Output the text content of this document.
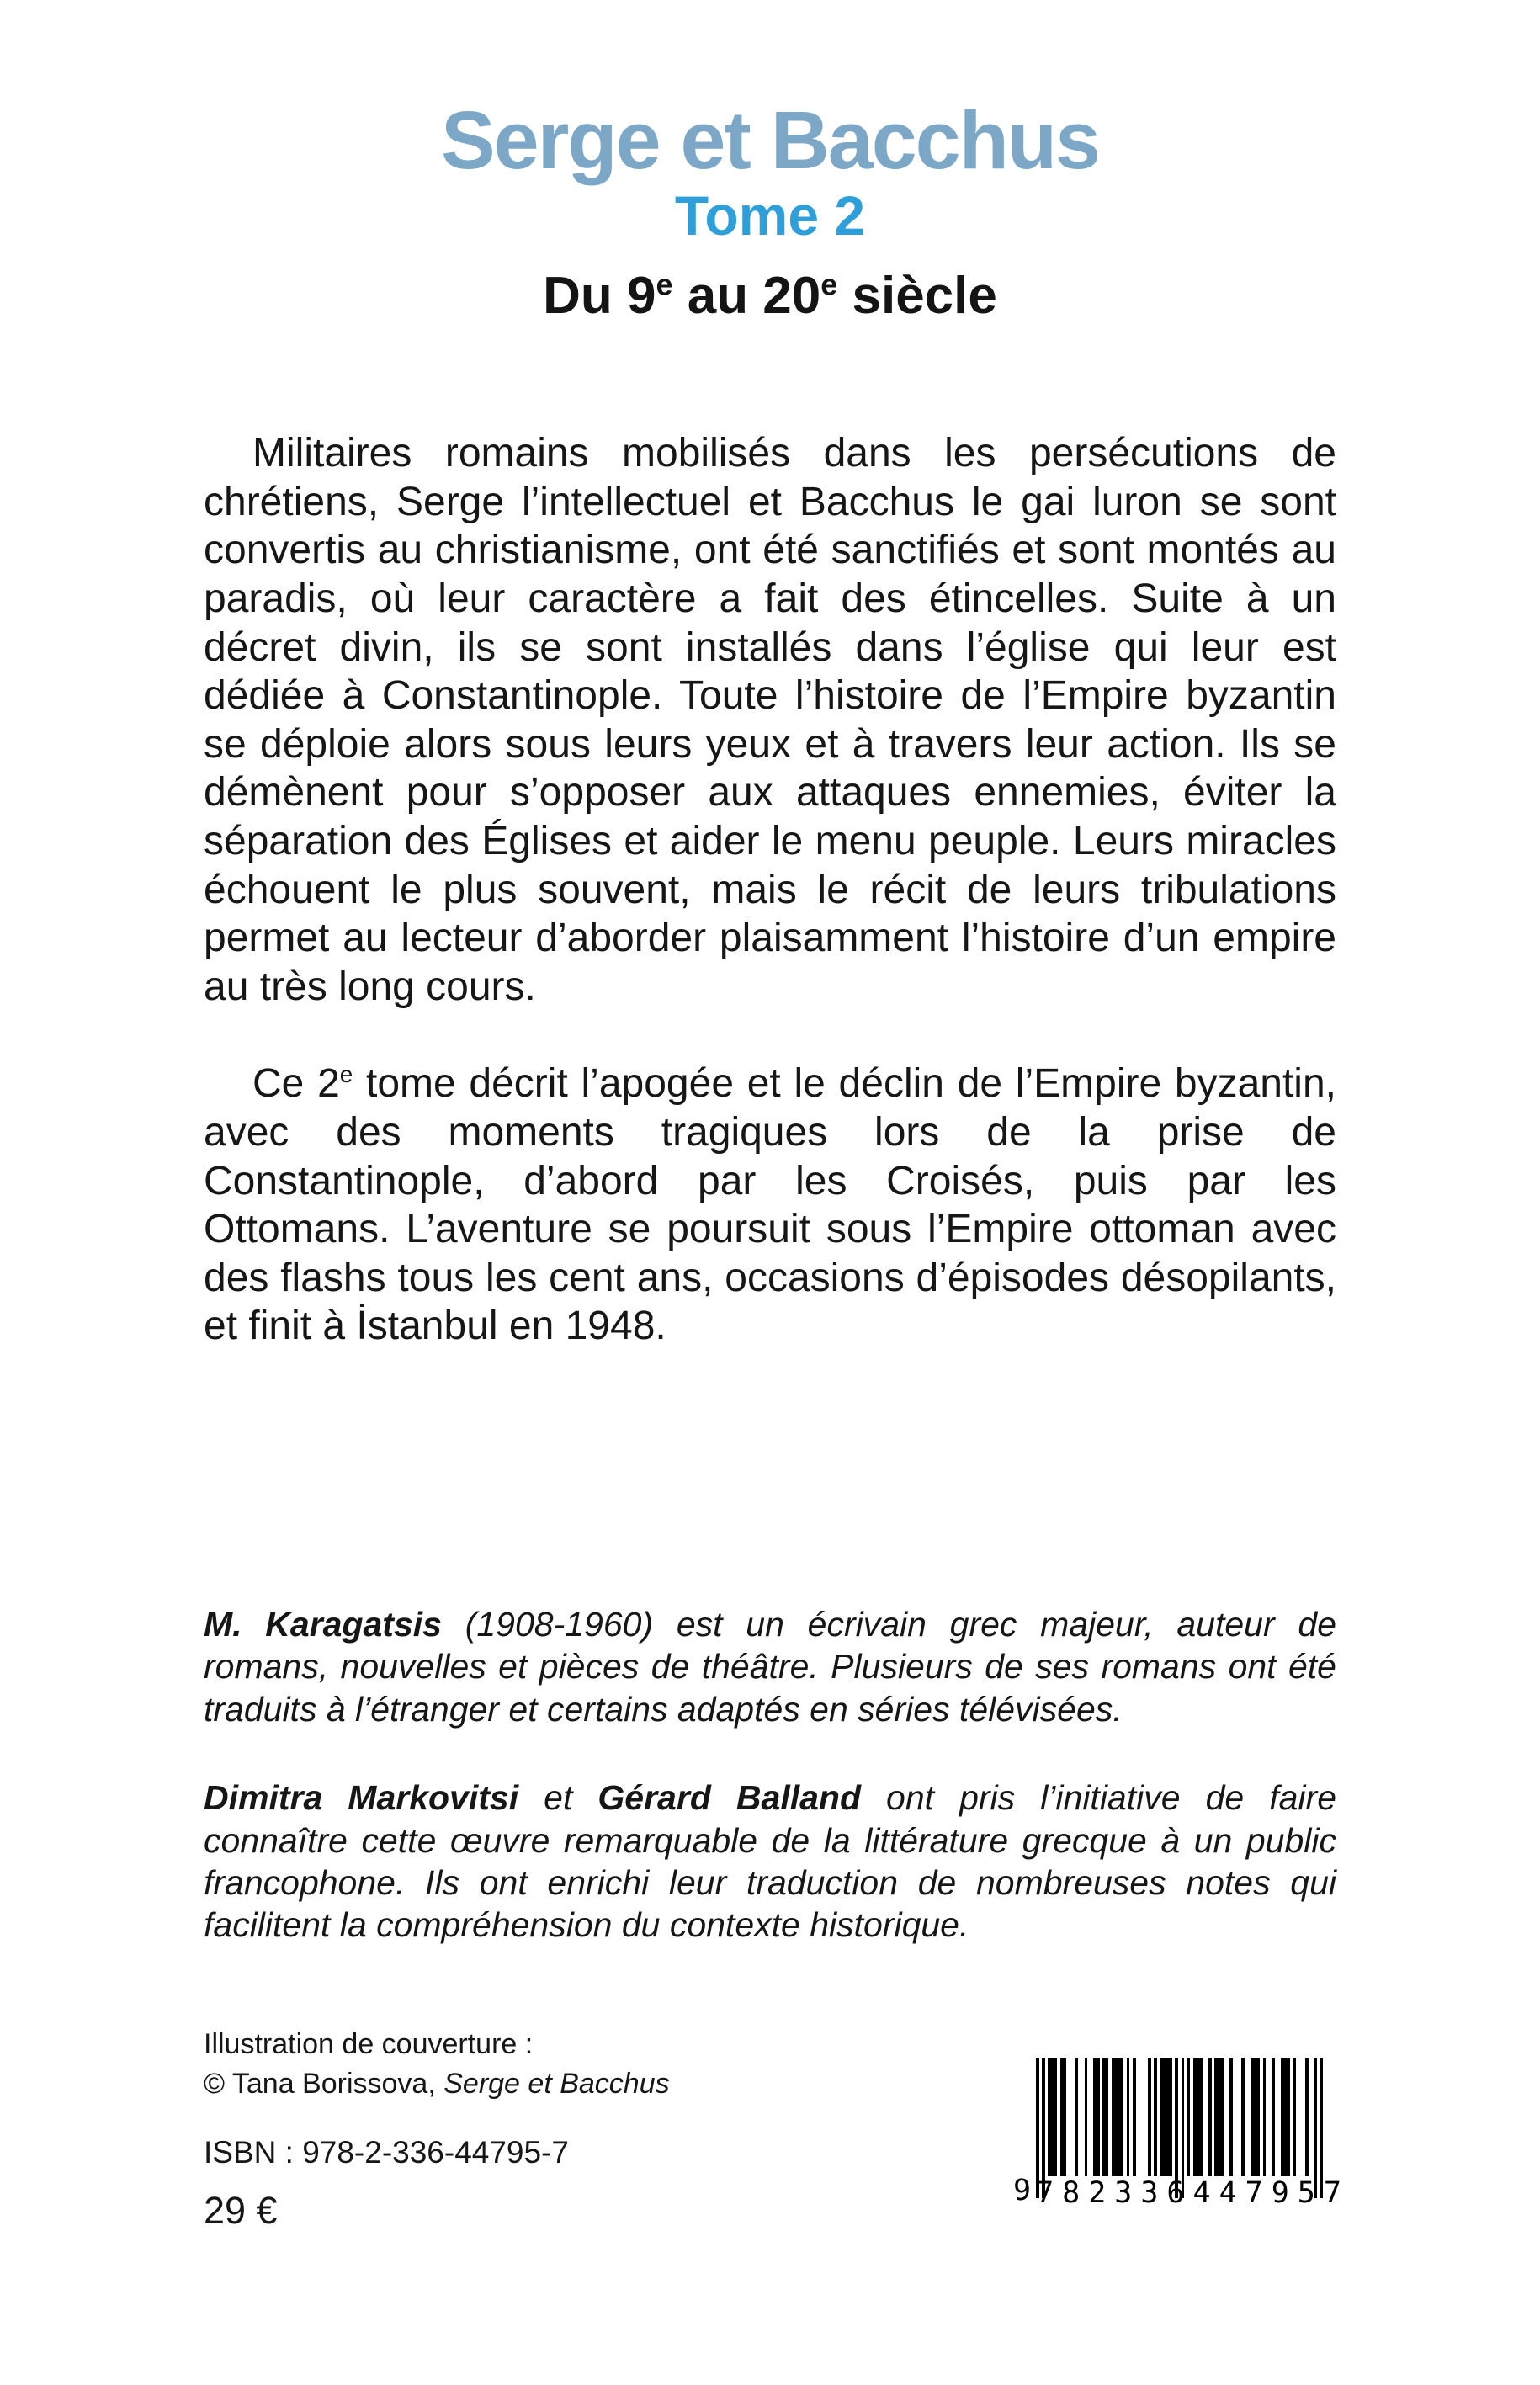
Serge et Bacchus
Tome 2
Du 9e au 20e siècle

Militaires romains mobilisés dans les persécutions de chrétiens, Serge l’intellectuel et Bacchus le gai luron se sont convertis au christianisme, ont été sanctifiés et sont montés au paradis, où leur caractère a fait des étincelles. Suite à un décret divin, ils se sont installés dans l’église qui leur est dédiée à Constantinople. Toute l’histoire de l’Empire byzantin se déploie alors sous leurs yeux et à travers leur action. Ils se démènent pour s’opposer aux attaques ennemies, éviter la séparation des Églises et aider le menu peuple. Leurs miracles échouent le plus souvent, mais le récit de leurs tribulations permet au lecteur d’aborder plaisamment l’histoire d’un empire au très long cours.

Ce 2e tome décrit l’apogée et le déclin de l’Empire byzantin, avec des moments tragiques lors de la prise de Constantinople, d’abord par les Croisés, puis par les Ottomans. L’aventure se poursuit sous l’Empire ottoman avec des flashs tous les cent ans, occasions d’épisodes désopilants, et finit à İstanbul en 1948.

M. Karagatsis (1908-1960) est un écrivain grec majeur, auteur de romans, nouvelles et pièces de théâtre. Plusieurs de ses romans ont été traduits à l’étranger et certains adaptés en séries télévisées.

Dimitra Markovitsi et Gérard Balland ont pris l’initiative de faire connaître cette œuvre remarquable de la littérature grecque à un public francophone. Ils ont enrichi leur traduction de nombreuses notes qui facilitent la compréhension du contexte historique.

Illustration de couverture :
© Tana Borissova, Serge et Bacchus
ISBN : 978-2-336-44795-7
29 €	9 782336 447957
